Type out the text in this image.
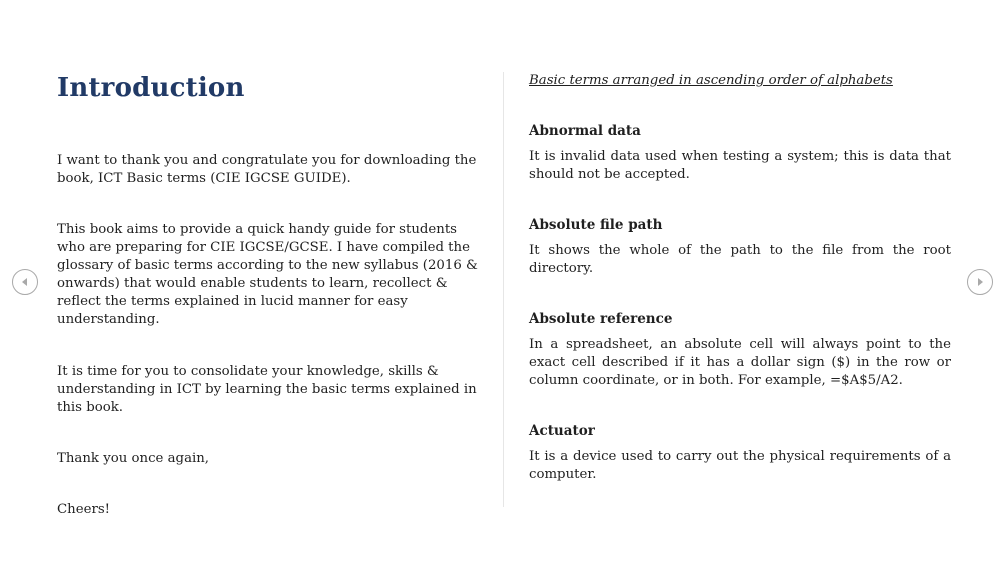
Introduction

I want to thank you and congratulate you for downloading the book, ICT Basic terms (CIE IGCSE GUIDE).

This book aims to provide a quick handy guide for students who are preparing for CIE IGCSE/GCSE. I have compiled the glossary of basic terms according to the new syllabus (2016 & onwards) that would enable students to learn, recollect & reflect the terms explained in lucid manner for easy understanding.

It is time for you to consolidate your knowledge, skills & understanding in ICT by learning the basic terms explained in this book.

Thank you once again,

Cheers!

Basic terms arranged in ascending order of alphabets

Abnormal data

It is invalid data used when testing a system; this is data that should not be accepted.

Absolute file path

It shows the whole of the path to the file from the root directory.

Absolute reference

In a spreadsheet, an absolute cell will always point to the exact cell described if it has a dollar sign ($) in the row or column coordinate, or in both. For example, =$A$5/A2.

Actuator

It is a device used to carry out the physical requirements of a computer.
